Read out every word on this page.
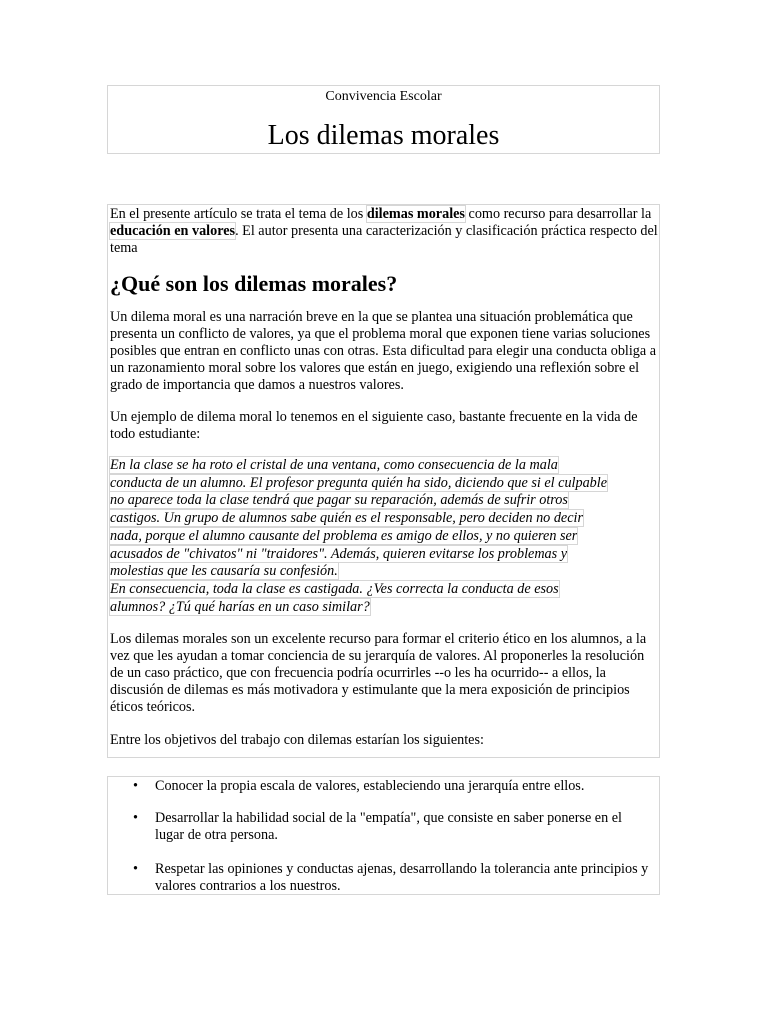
Convivencia Escolar
Los dilemas morales

En el presente artículo se trata el tema de los dilemas morales como recurso para desarrollar la educación en valores. El autor presenta una caracterización y clasificación práctica respecto del tema

¿Qué son los dilemas morales?

Un dilema moral es una narración breve en la que se plantea una situación problemática que presenta un conflicto de valores, ya que el problema moral que exponen tiene varias soluciones posibles que entran en conflicto unas con otras. Esta dificultad para elegir una conducta obliga a un razonamiento moral sobre los valores que están en juego, exigiendo una reflexión sobre el grado de importancia que damos a nuestros valores.

Un ejemplo de dilema moral lo tenemos en el siguiente caso, bastante frecuente en la vida de todo estudiante:

En la clase se ha roto el cristal de una ventana, como consecuencia de la mala
conducta de un alumno. El profesor pregunta quién ha sido, diciendo que si el culpable
no aparece toda la clase tendrá que pagar su reparación, además de sufrir otros
castigos. Un grupo de alumnos sabe quién es el responsable, pero deciden no decir
nada, porque el alumno causante del problema es amigo de ellos, y no quieren ser
acusados de "chivatos" ni "traidores". Además, quieren evitarse los problemas y
molestias que les causaría su confesión.
En consecuencia, toda la clase es castigada. ¿Ves correcta la conducta de esos
alumnos? ¿Tú qué harías en un caso similar?

Los dilemas morales son un excelente recurso para formar el criterio ético en los alumnos, a la vez que les ayudan a tomar conciencia de su jerarquía de valores. Al proponerles la resolución de un caso práctico, que con frecuencia podría ocurrirles --o les ha ocurrido-- a ellos, la discusión de dilemas es más motivadora y estimulante que la mera exposición de principios éticos teóricos.

Entre los objetivos del trabajo con dilemas estarían los siguientes:

•	Conocer la propia escala de valores, estableciendo una jerarquía entre ellos.
•	Desarrollar la habilidad social de la "empatía", que consiste en saber ponerse en el lugar de otra persona.
•	Respetar las opiniones y conductas ajenas, desarrollando la tolerancia ante principios y valores contrarios a los nuestros.
